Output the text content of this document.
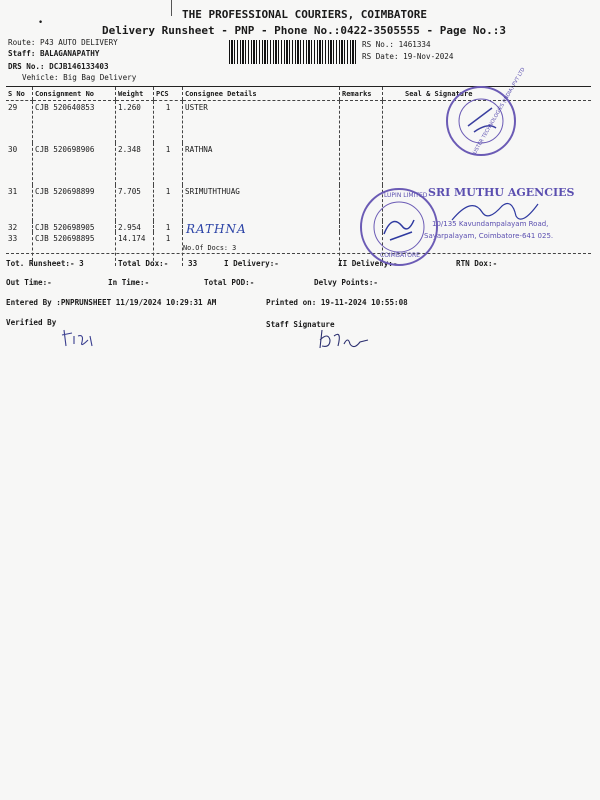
•
THE PROFESSIONAL COURIERS, COIMBATORE
Delivery Runsheet - PNP - Phone No.:0422-3505555 - Page No.:3
Route: P43 AUTO DELIVERY
Staff: BALAGANAPATHY
DRS No.: DCJB146133403
Vehicle: Big Bag Delivery
RS No.: 1461334
RS Date: 19-Nov-2024
S No	Consignment No	Weight	PCS	Consignee Details	Remarks	Seal & Signature
29	CJB 520640853	1.260	1	USTER		
30	CJB 520698906	2.348	1	RATHNA		
31	CJB 520698899	7.705	1	SRIMUTHTHUAG		
32	CJB 520698905	2.954	1			
33	CJB 520698895	14.174	1			
RATHNA
No.Of Docs: 3
Tot. Runsheet:- 3	Total Dox:-	33	I Delivery:-	II Delivery:-	RTN Dox:-
Out Time:-	In Time:-	Total POD:-	Delvy Points:-
Entered By :PNPRUNSHEET 11/19/2024 10:29:31 AM	Printed on: 19-11-2024 10:55:08
Verified By	Staff Signature
USTER TECHNOLOGIES (INDIA) PVT LTD
SRI MUTHU AGENCIES
10/135 Kavundampalayam Road,
Sayarpalayam, Coimbatore-641 025.
LUPIN LIMITED
COIMBATORE
